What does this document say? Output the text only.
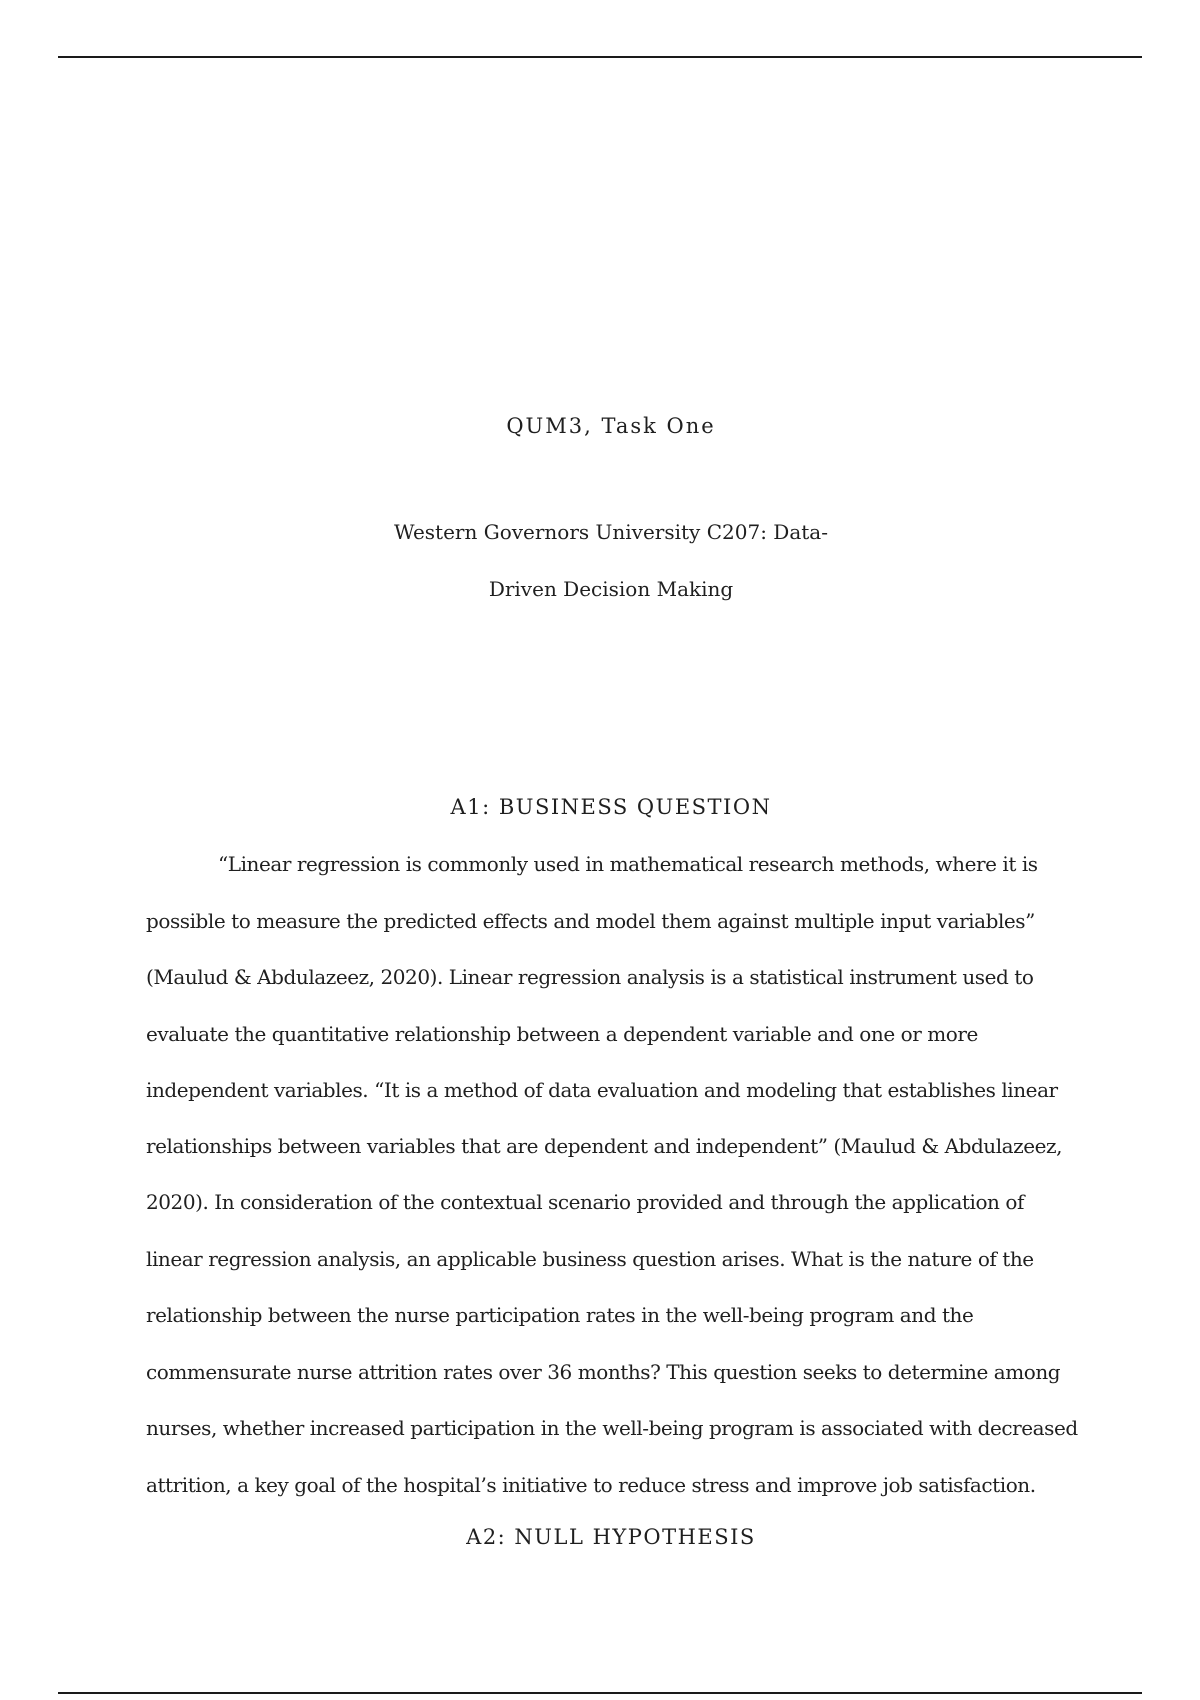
QUM3, Task One
Western Governors University C207: Data-
Driven Decision Making
A1: BUSINESS QUESTION
“Linear regression is commonly used in mathematical research methods, where it is
possible to measure the predicted effects and model them against multiple input variables”
(Maulud & Abdulazeez, 2020). Linear regression analysis is a statistical instrument used to
evaluate the quantitative relationship between a dependent variable and one or more
independent variables. “It is a method of data evaluation and modeling that establishes linear
relationships between variables that are dependent and independent” (Maulud & Abdulazeez,
2020). In consideration of the contextual scenario provided and through the application of
linear regression analysis, an applicable business question arises. What is the nature of the
relationship between the nurse participation rates in the well-being program and the
commensurate nurse attrition rates over 36 months? This question seeks to determine among
nurses, whether increased participation in the well-being program is associated with decreased
attrition, a key goal of the hospital’s initiative to reduce stress and improve job satisfaction.
A2: NULL HYPOTHESIS
